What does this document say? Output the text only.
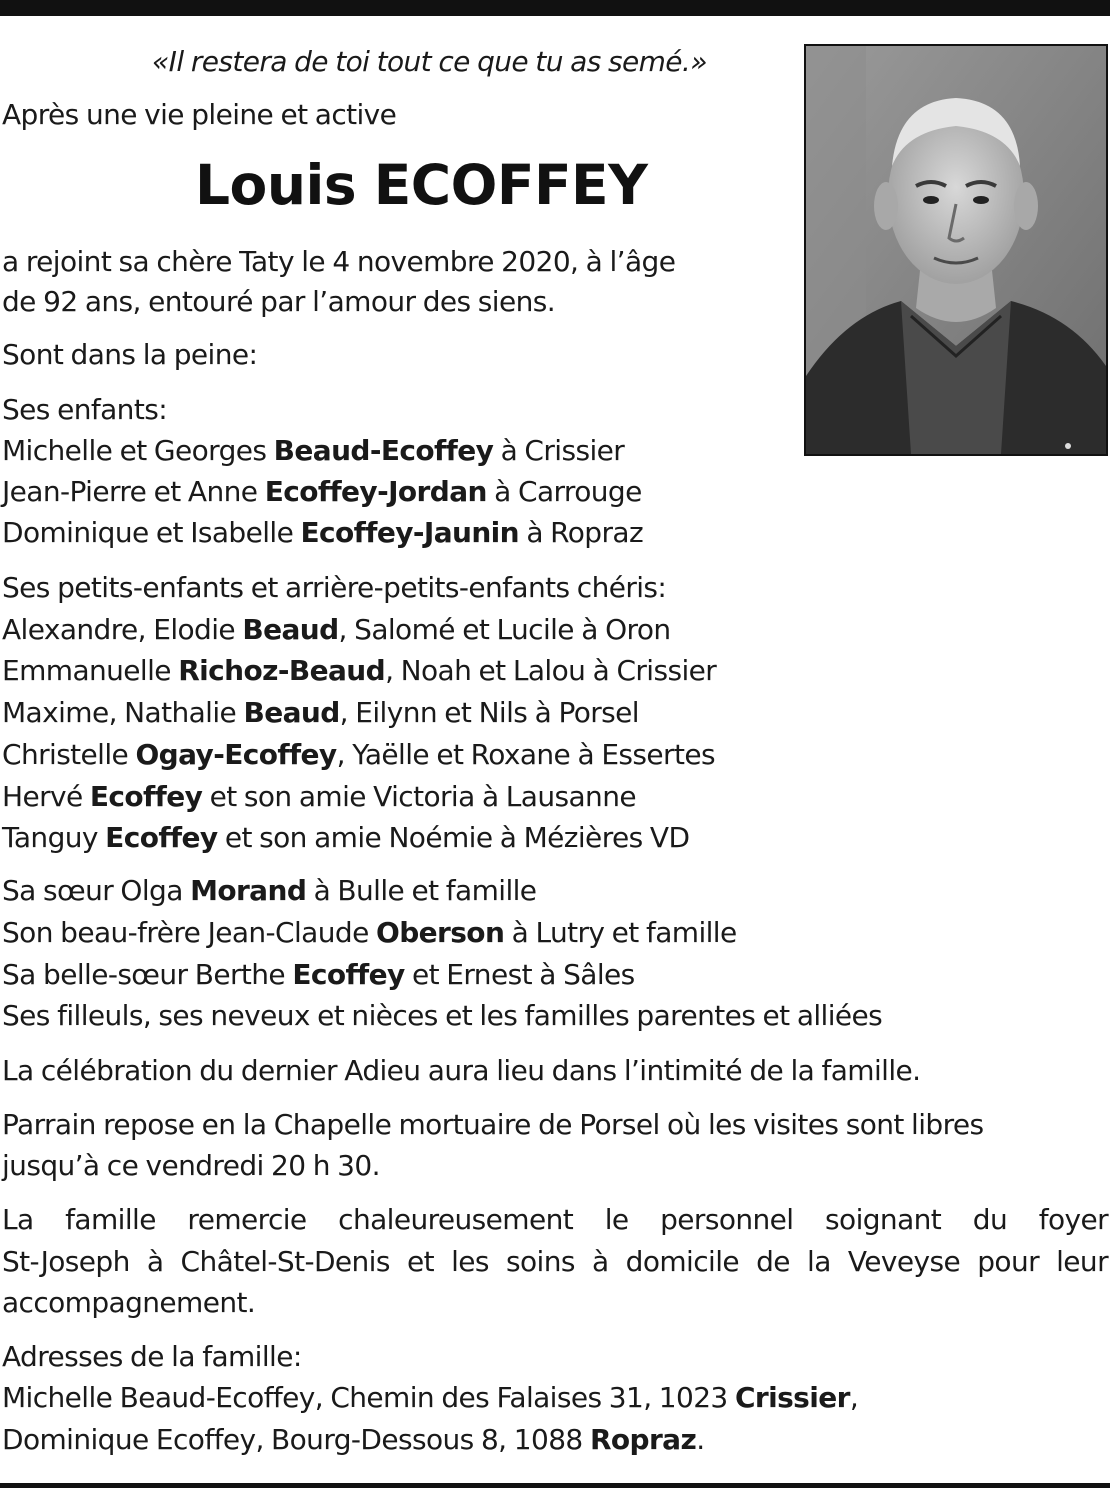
«Il restera de toi tout ce que tu as semé.»
Après une vie pleine et active
Louis ECOFFEY
a rejoint sa chère Taty le 4 novembre 2020, à l’âge
de 92 ans, entouré par l’amour des siens.
Sont dans la peine:
Ses enfants:
Michelle et Georges Beaud-Ecoffey à Crissier
Jean-Pierre et Anne Ecoffey-Jordan à Carrouge
Dominique et Isabelle Ecoffey-Jaunin à Ropraz
Ses petits-enfants et arrière-petits-enfants chéris:
Alexandre, Elodie Beaud, Salomé et Lucile à Oron
Emmanuelle Richoz-Beaud, Noah et Lalou à Crissier
Maxime, Nathalie Beaud, Eilynn et Nils à Porsel
Christelle Ogay-Ecoffey, Yaëlle et Roxane à Essertes
Hervé Ecoffey et son amie Victoria à Lausanne
Tanguy Ecoffey et son amie Noémie à Mézières VD
Sa sœur Olga Morand à Bulle et famille
Son beau-frère Jean-Claude Oberson à Lutry et famille
Sa belle-sœur Berthe Ecoffey et Ernest à Sâles
Ses filleuls, ses neveux et nièces et les familles parentes et alliées
La célébration du dernier Adieu aura lieu dans l’intimité de la famille.
Parrain repose en la Chapelle mortuaire de Porsel où les visites sont libres
jusqu’à ce vendredi 20 h 30.
La famille remercie chaleureusement le personnel soignant du foyer
St-Joseph à Châtel-St-Denis et les soins à domicile de la Veveyse pour leur
accompagnement.
Adresses de la famille:
Michelle Beaud-Ecoffey, Chemin des Falaises 31, 1023 Crissier,
Dominique Ecoffey, Bourg-Dessous 8, 1088 Ropraz.
